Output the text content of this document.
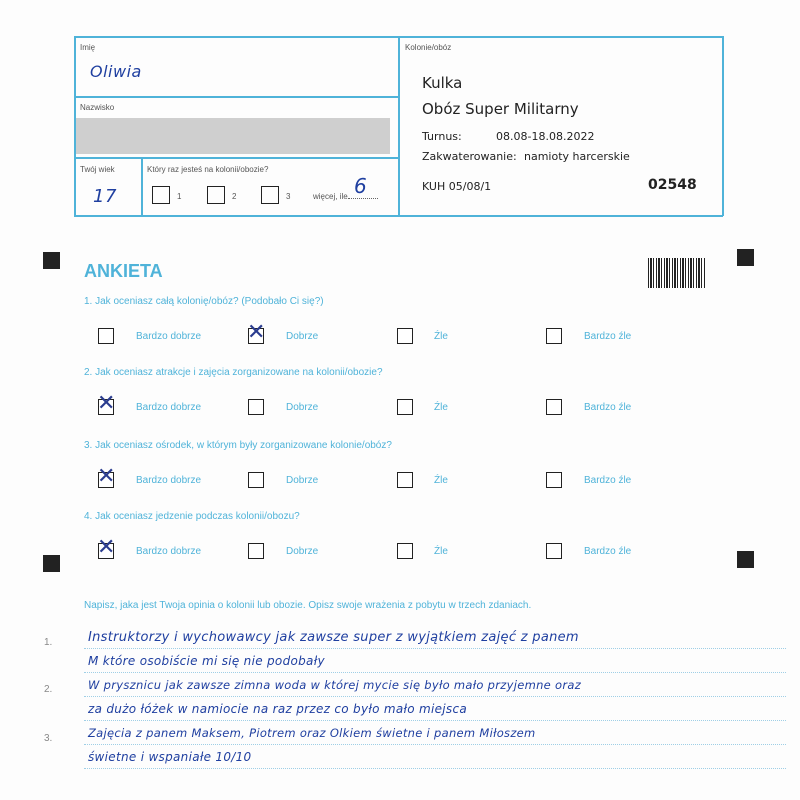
Imię
Oliwia
Nazwisko
Twój wiek
17
Który raz jesteś na kolonii/obozie?
1	2	3	więcej, ile 6
Kolonie/obóz
Kulka
Obóz Super Militarny
Turnus:	08.08-18.08.2022
Zakwaterowanie: namioty harcerskie
KUH 05/08/1	02548
ANKIETA
1. Jak oceniasz całą kolonię/obóz? (Podobało Ci się?)
Bardzo dobrze ✕ Dobrze	Źle	Bardzo źle
2. Jak oceniasz atrakcje i zajęcia zorganizowane na kolonii/obozie?
✕ Bardzo dobrze	Dobrze	Źle	Bardzo źle
3. Jak oceniasz ośrodek, w którym były zorganizowane kolonie/obóz?
✕ Bardzo dobrze	Dobrze	Źle	Bardzo źle
4. Jak oceniasz jedzenie podczas kolonii/obozu?
✕ Bardzo dobrze	Dobrze	Źle	Bardzo źle
Napisz, jaka jest Twoja opinia o kolonii lub obozie. Opisz swoje wrażenia z pobytu w trzech zdaniach.
1.
2.
3.
Instruktorzy i wychowawcy jak zawsze super z wyjątkiem zajęć z panem
M które osobiście mi się nie podobały
W prysznicu jak zawsze zimna woda w której mycie się było mało przyjemne oraz
za dużo łóżek w namiocie na raz przez co było mało miejsca
Zajęcia z panem Maksem, Piotrem oraz Olkiem świetne i panem Miłoszem
świetne i wspaniałe 10/10
